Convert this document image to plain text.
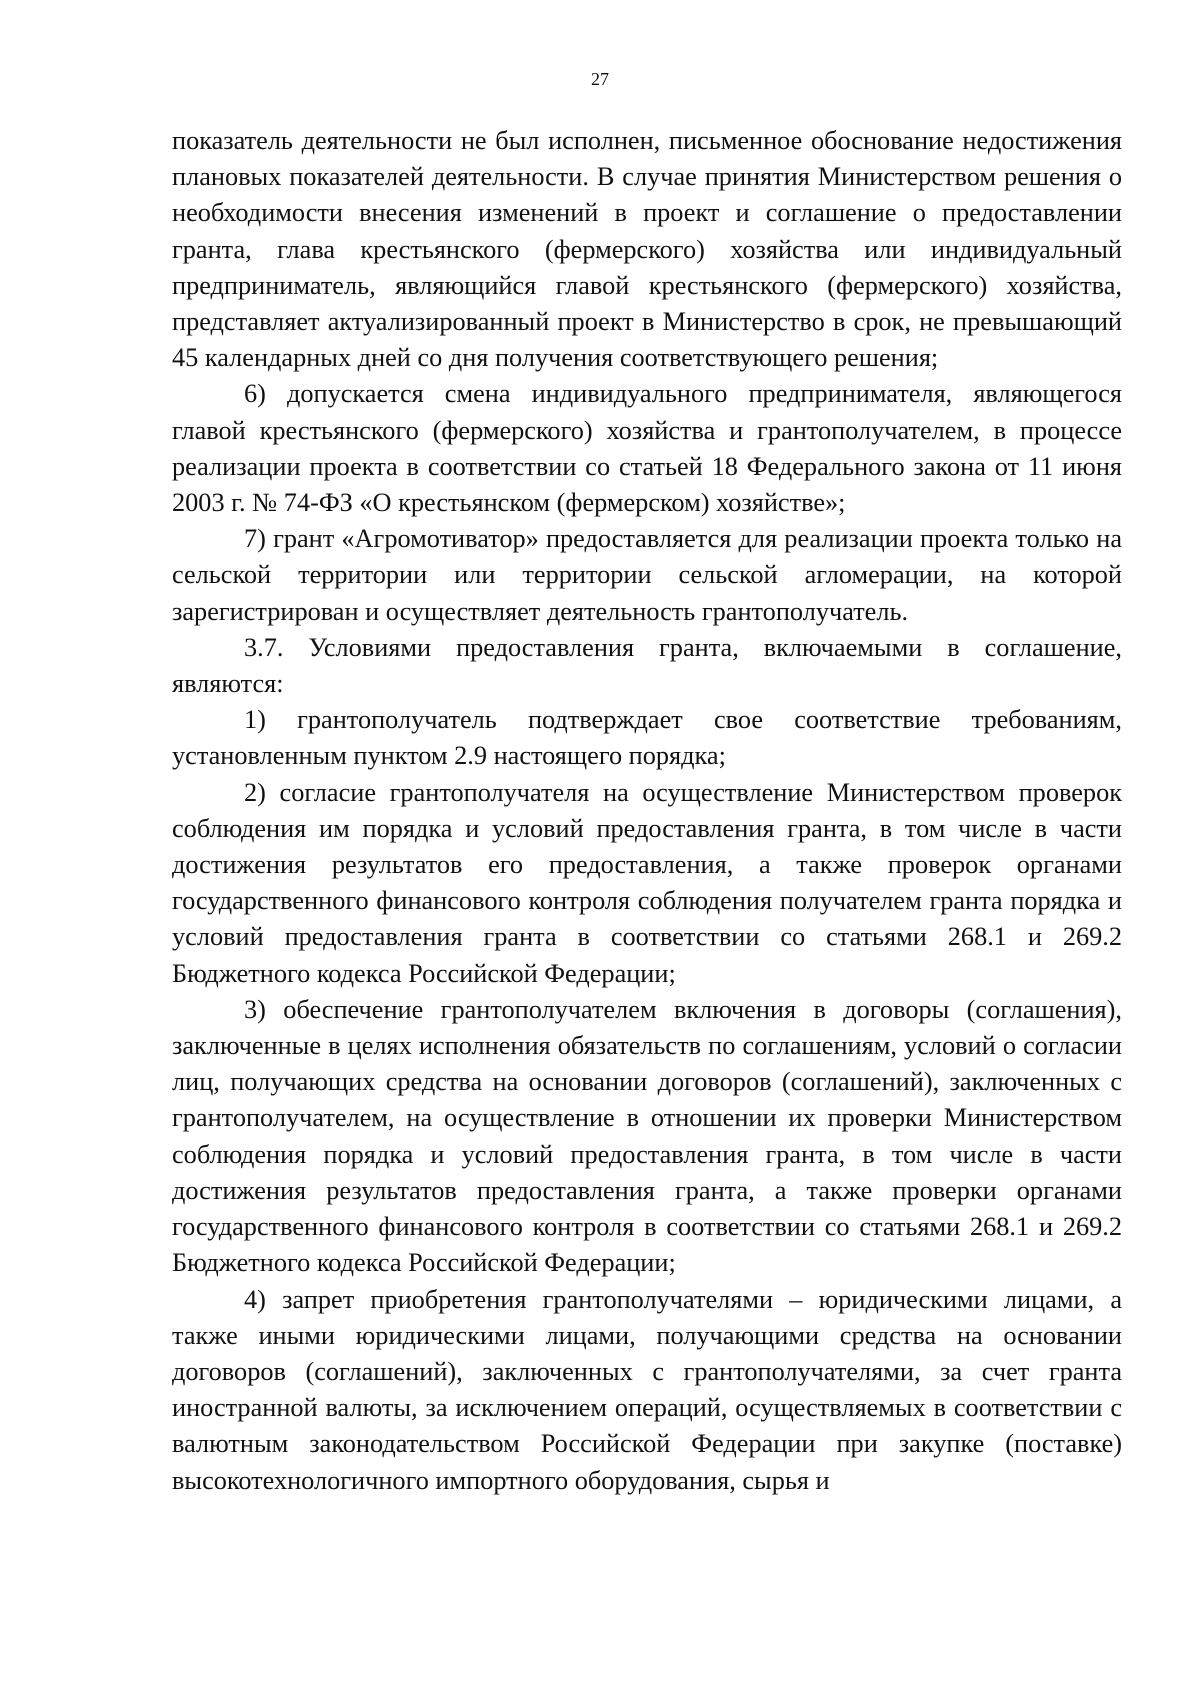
27

показатель деятельности не был исполнен, письменное обоснование недостижения плановых показателей деятельности. В случае принятия Министерством решения о необходимости внесения изменений в проект и соглашение о предоставлении гранта, глава крестьянского (фермерского) хозяйства или индивидуальный предприниматель, являющийся главой крестьянского (фермерского) хозяйства, представляет актуализированный проект в Министерство в срок, не превышающий 45 календарных дней со дня получения соответствующего решения;

6) допускается смена индивидуального предпринимателя, являющегося главой крестьянского (фермерского) хозяйства и грантополучателем, в процессе реализации проекта в соответствии со статьей 18 Федерального закона от 11 июня 2003 г. № 74-ФЗ «О крестьянском (фермерском) хозяйстве»;

7) грант «Агромотиватор» предоставляется для реализации проекта только на сельской территории или территории сельской агломерации, на которой зарегистрирован и осуществляет деятельность грантополучатель.

3.7. Условиями предоставления гранта, включаемыми в соглашение, являются:

1) грантополучатель подтверждает свое соответствие требованиям, установленным пунктом 2.9 настоящего порядка;

2) согласие грантополучателя на осуществление Министерством проверок соблюдения им порядка и условий предоставления гранта, в том числе в части достижения результатов его предоставления, а также проверок органами государственного финансового контроля соблюдения получателем гранта порядка и условий предоставления гранта в соответствии со статьями 268.1 и 269.2 Бюджетного кодекса Российской Федерации;

3) обеспечение грантополучателем включения в договоры (соглашения), заключенные в целях исполнения обязательств по соглашениям, условий о согласии лиц, получающих средства на основании договоров (соглашений), заключенных с грантополучателем, на осуществление в отношении их проверки Министерством соблюдения порядка и условий предоставления гранта, в том числе в части достижения результатов предоставления гранта, а также проверки органами государственного финансового контроля в соответствии со статьями 268.1 и 269.2 Бюджетного кодекса Российской Федерации;

4) запрет приобретения грантополучателями – юридическими лицами, а также иными юридическими лицами, получающими средства на основании договоров (соглашений), заключенных с грантополучателями, за счет гранта иностранной валюты, за исключением операций, осуществляемых в соответствии с валютным законодательством Российской Федерации при закупке (поставке) высокотехнологичного импортного оборудования, сырья и
